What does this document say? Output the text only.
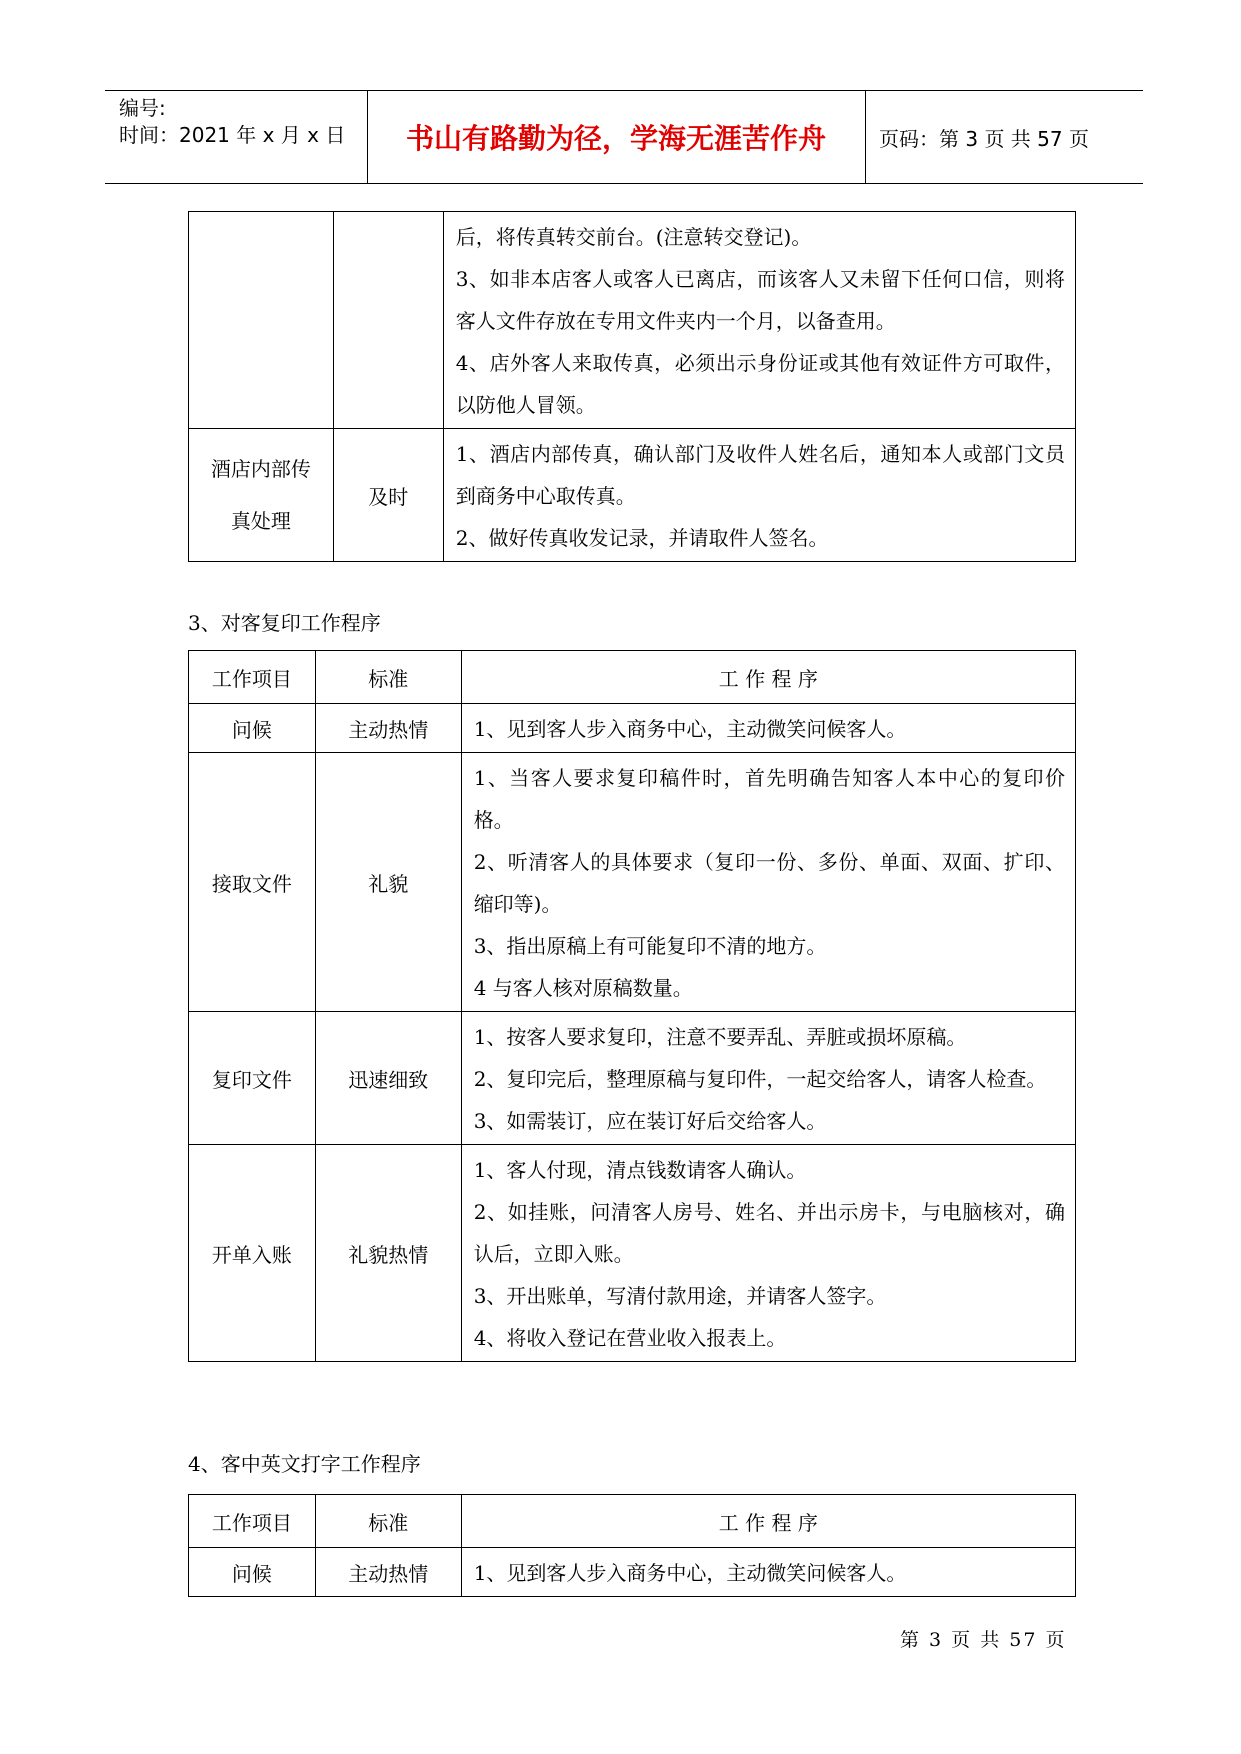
编号:
时间：2021 年 x 月 x 日	书山有路勤为径，学海无涯苦作舟	页码：第 3 页 共 57 页

		后，将传真转交前台。(注意转交登记)。
3、如非本店客人或客人已离店，而该客人又未留下任何口信，则将客人文件存放在专用文件夹内一个月，以备查用。
4、店外客人来取传真，必须出示身份证或其他有效证件方可取件，以防他人冒领。

酒店内部传真处理	及时	1、酒店内部传真，确认部门及收件人姓名后，通知本人或部门文员到商务中心取传真。
2、做好传真收发记录，并请取件人签名。
3、对客复印工作程序
工作项目	标准	工 作 程 序
问候	主动热情	1、见到客人步入商务中心，主动微笑问候客人。

接取文件	礼貌	1、当客人要求复印稿件时，首先明确告知客人本中心的复印价格。
2、听清客人的具体要求（复印一份、多份、单面、双面、扩印、缩印等)。
3、指出原稿上有可能复印不清的地方。
4 与客人核对原稿数量。

复印文件	迅速细致	1、按客人要求复印，注意不要弄乱、弄脏或损坏原稿。
2、复印完后，整理原稿与复印件，一起交给客人，请客人检查。
3、如需装订，应在装订好后交给客人。

开单入账	礼貌热情	1、客人付现，清点钱数请客人确认。
2、如挂账，问清客人房号、姓名、并出示房卡，与电脑核对，确认后，立即入账。
3、开出账单，写清付款用途，并请客人签字。
4、将收入登记在营业收入报表上。
4、客中英文打字工作程序
工作项目	标准	工 作 程 序
问候	主动热情	1、见到客人步入商务中心，主动微笑问候客人。
第 3 页 共 57 页
